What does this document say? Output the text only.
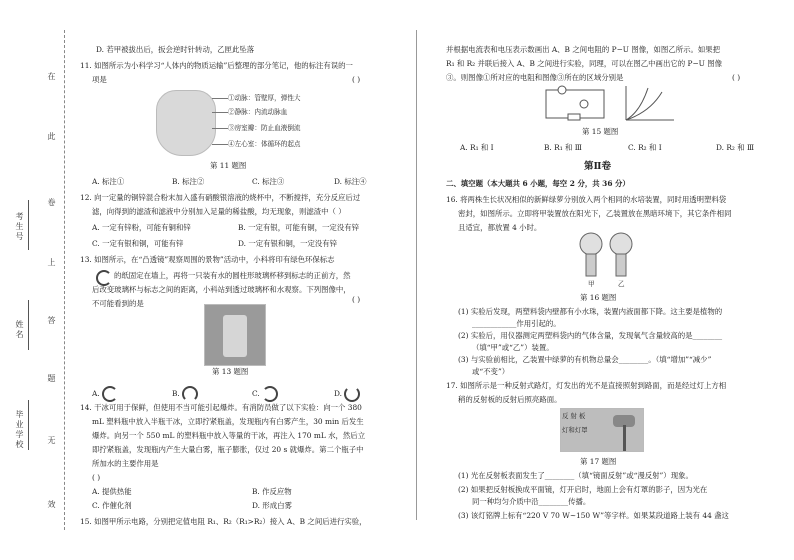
在
此
卷
上
答
题
无
效
考生号
姓名
毕业学校
D. 若甲被拔出后，扳会逆时针转动，乙匣此坠落
11. 如图所示为小科学习“人体内的物质运输”后整理的部分笔记，他的标注有误的一
项是	( )
①动脉：管壁厚，弹性大
②静脉：内流动脉血
③房室瓣：防止血液倒流
④左心室：体循环的起点
第 11 题图
A. 标注①	B. 标注②	C. 标注③	D. 标注④
12. 向一定量的铜锌混合粉末加入盛有硝酸银溶液的烧杯中，不断搅拌，充分反应后过
滤，向得到的滤渣和滤液中分别加入足量的稀盐酸，均无现象，则滤渣中（ ）
A. 一定有锌粉，可能有铜和锌	B. 一定有银，可能有铜，一定没有锌
C. 一定有银和铜，可能有锌	D. 一定有银和铜，一定没有锌
13. 如图所示，在“凸透镜”观察周围的景物”活动中，小科将印有绿色环保标志
的纸固定在墙上，再将一只装有水的圆柱形玻璃杯移到标志的正前方，然
后改变玻璃杯与标志之间的距离，小科站到透过玻璃杯和水观察。下列图像中，
不可能看到的是	( )
第 13 题图
A.	B.	C.	D.
14. 干冰可用于保鲜，但使用不当可能引起爆炸。有消防员做了以下实验：向一个 380
mL 塑料瓶中放入半瓶干冰，立即拧紧瓶盖，发现瓶内有白雾产生，30 min 后发生
爆炸。向另一个 550 mL 的塑料瓶中放入等量的干冰，再注入 170 mL 水，然后立
即拧紧瓶盖，发现瓶内产生大量白雾，瓶子膨胀，仅过 20 s 就爆炸。第二个瓶子中
所加水的主要作用是
( )
A. 提供热能	B. 作反应物
C. 作催化剂	D. 形成白雾
15. 如图甲所示电路，分别把定值电阻 R₁、R₂（R₁>R₂）接入 A、B 之间后进行实验，
并根据电流表和电压表示数画出 A、B 之间电阻的 P−U 图像，如图乙所示。如果把
R₁ 和 R₂ 并联后接入 A、B 之间进行实验，同理，可以在图乙中画出它的 P−U 图像
③。则图像①所对应的电阻和图像③所在的区域分别是	( )
第 15 题图
A. R₁ 和 Ⅰ	B. R₁ 和 Ⅲ	C. R₂ 和 Ⅰ	D. R₂ 和 Ⅲ
第Ⅱ卷
二、填空题（本大题共 6 小题，每空 2 分，共 36 分）
16. 将两株生长状况相似的新鲜绿萝分别放入两个相同的水培装置，同时用透明塑料袋
密封，如图所示。立即将甲装置放在阳光下，乙装置放在黑暗环境下，其它条件相同
且适宜，都放置 4 小时。
甲	乙
第 16 题图
(1) 实验后发现，两塑料袋内壁都有小水珠，装置内液面都下降。这主要是植物的
____________作用引起的。
(2) 实验后，用仪器测定两塑料袋内的气体含量，发现氧气含量较高的是________
（填“甲”或“乙”）装置。
(3) 与实验前相比，乙装置中绿萝的有机物总量会________。（填“增加”“减少”
或“不变”）
17. 如图所示是一种反射式路灯，灯发出的光不是直接照射到路面，而是经过灯上方相
稍的反射板的反射后照亮路面。
反 射 板
灯和灯罩
第 17 题图
(1) 光在反射板表面发生了________（填“镜面反射”或“漫反射”）现象。
(2) 如果把反射板换成平面镜，灯开启时，地面上会有灯罩的影子，因为光在
同一种均匀介质中沿________传播。
(3) 该灯铭牌上标有“220 V 70 W~150 W”等字样。如果某段道路上装有 44 盏这
